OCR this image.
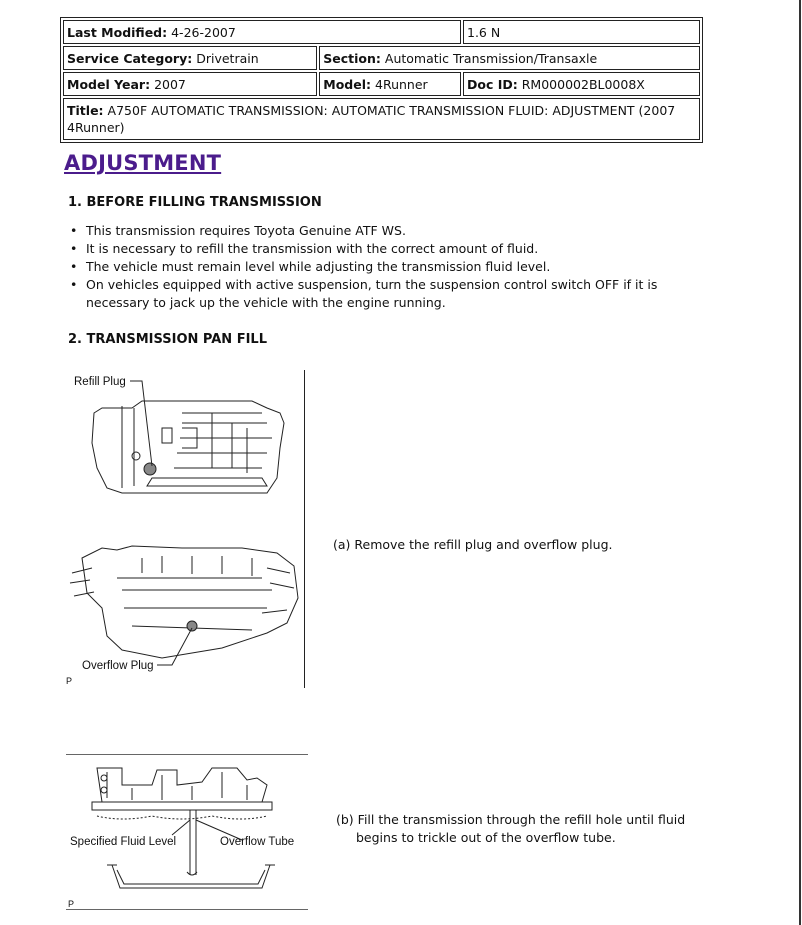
Last Modified: 4-26-2007		1.6 N
Service Category: Drivetrain	Section: Automatic Transmission/Transaxle	
Model Year: 2007	Model: 4Runner	Doc ID: RM000002BL0008X
Title: A750F AUTOMATIC TRANSMISSION: AUTOMATIC TRANSMISSION FLUID: ADJUSTMENT (2007 4Runner)		
ADJUSTMENT
1. BEFORE FILLING TRANSMISSION
• This transmission requires Toyota Genuine ATF WS.
• It is necessary to refill the transmission with the correct amount of fluid.
• The vehicle must remain level while adjusting the transmission fluid level.
• On vehicles equipped with active suspension, turn the suspension control switch OFF if it is necessary to jack up the vehicle with the engine running.
2. TRANSMISSION PAN FILL
Refill Plug
Overflow Plug
P
(a) Remove the refill plug and overflow plug.
Specified Fluid Level	Overflow Tube
P
(b) Fill the transmission through the refill hole until fluid begins to trickle out of the overflow tube.
